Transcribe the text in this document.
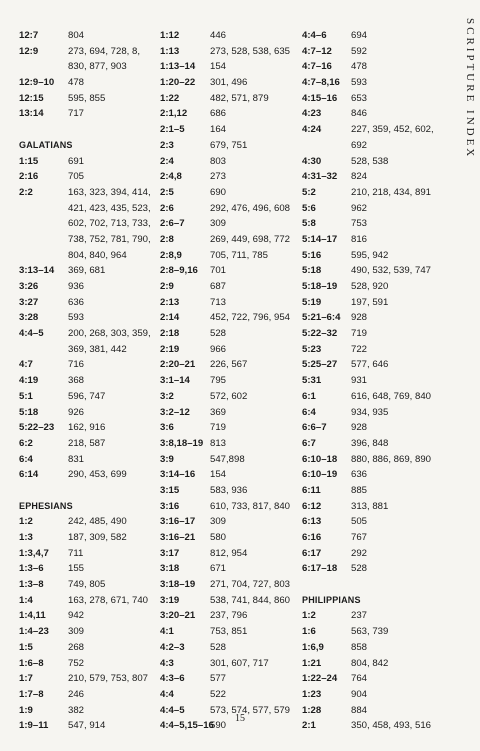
12:7	804
12:9	273, 694, 728, 8,
830, 877, 903
12:9–10	478
12:15	595, 855
13:14	717
GALATIANS
1:15	691
2:16	705
2:2	163, 323, 394, 414,
421, 423, 435, 523,
602, 702, 713, 733,
738, 752, 781, 790,
804, 840, 964
3:13–14	369, 681
3:26	936
3:27	636
3:28	593
4:4–5	200, 268, 303, 359,
369, 381, 442
4:7	716
4:19	368
5:1	596, 747
5:18	926
5:22–23	162, 916
6:2	218, 587
6:4	831
6:14	290, 453, 699
EPHESIANS
1:2	242, 485, 490
1:3	187, 309, 582
1:3,4,7	711
1:3–6	155
1:3–8	749, 805
1:4	163, 278, 671, 740
1:4,11	942
1:4–23	309
1:5	268
1:6–8	752
1:7	210, 579, 753, 807
1:7–8	246
1:9	382
1:9–11	547, 914
1:12	446
1:13	273, 528, 538, 635
1:13–14	154
1:20–22	301, 496
1:22	482, 571, 879
2:1,12	686
2:1–5	164
2:3	679, 751
2:4	803
2:4,8	273
2:5	690
2:6	292, 476, 496, 608
2:6–7	309
2:8	269, 449, 698, 772
2:8,9	705, 711, 785
2:8–9,16	701
2:9	687
2:13	713
2:14	452, 722, 796, 954
2:18	528
2:19	966
2:20–21	226, 567
3:1–14	795
3:2	572, 602
3:2–12	369
3:6	719
3:8,18–19 813
3:9	547,898
3:14–16	154
3:15	583, 936
3:16	610, 733, 817, 840
3:16–17	309
3:16–21	580
3:17	812, 954
3:18	671
3:18–19	271, 704, 727, 803
3:19	538, 741, 844, 860
3:20–21	237, 796
4:1	753, 851
4:2–3	528
4:3	301, 607, 717
4:3–6	577
4:4	522
4:4–5	573, 574, 577, 579
4:4–5,15–16
590
4:4–6	694
4:7–12	592
4:7–16	478
4:7–8,16	593
4:15–16	653
4:23	846
4:24	227, 359, 452, 602,
692
4:30	528, 538
4:31–32	824
5:2	210, 218, 434, 891
5:6	962
5:8	753
5:14–17	816
5:16	595, 942
5:18	490, 532, 539, 747
5:18–19	528, 920
5:19	197, 591
5:21–6:4	928
5:22–32	719
5:23	722
5:25–27	577, 646
5:31	931
6:1	616, 648, 769, 840
6:4	934, 935
6:6–7	928
6:7	396, 848
6:10–18	880, 886, 869, 890
6:10–19	636
6:11	885
6:12	313, 881
6:13	505
6:16	767
6:17	292
6:17–18	528
PHILIPPIANS
1:2	237
1:6	563, 739
1:6,9	858
1:21	804, 842
1:22–24	764
1:23	904
1:28	884
2:1	350, 458, 493, 516
SCRIPTURE INDEX
15
